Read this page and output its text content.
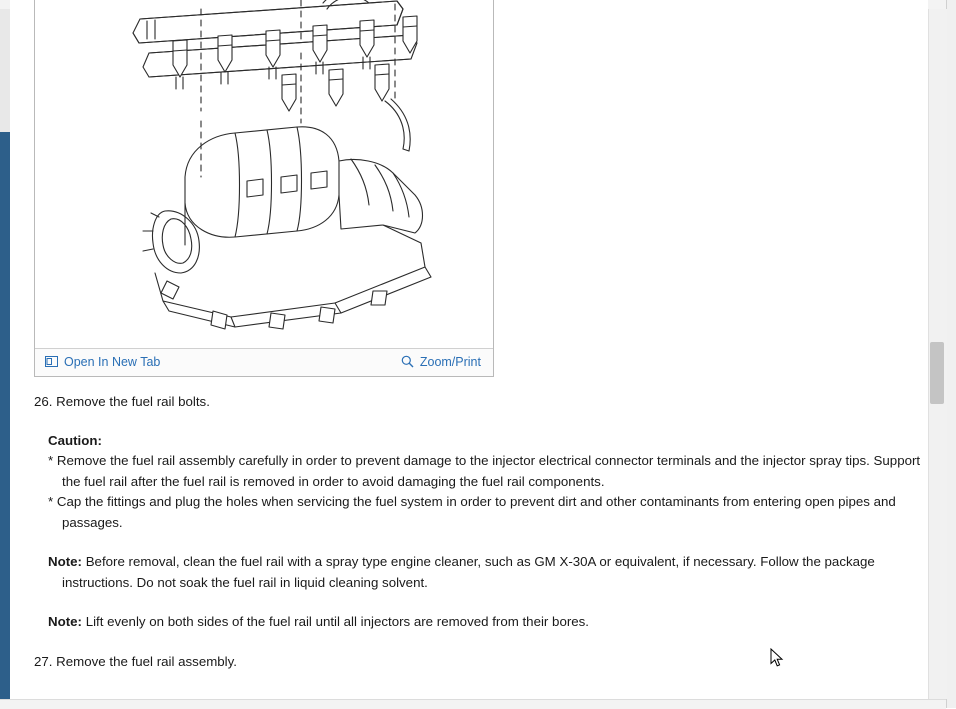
Open In New Tab	Zoom/Print

26. Remove the fuel rail bolts.

Caution:

* Remove the fuel rail assembly carefully in order to prevent damage to the injector electrical connector terminals and the injector spray tips. Support the fuel rail after the fuel rail is removed in order to avoid damaging the fuel rail components.

* Cap the fittings and plug the holes when servicing the fuel system in order to prevent dirt and other contaminants from entering open pipes and passages.

Note: Before removal, clean the fuel rail with a spray type engine cleaner, such as GM X-30A or equivalent, if necessary. Follow the package instructions. Do not soak the fuel rail in liquid cleaning solvent.

Note: Lift evenly on both sides of the fuel rail until all injectors are removed from their bores.

27. Remove the fuel rail assembly.
